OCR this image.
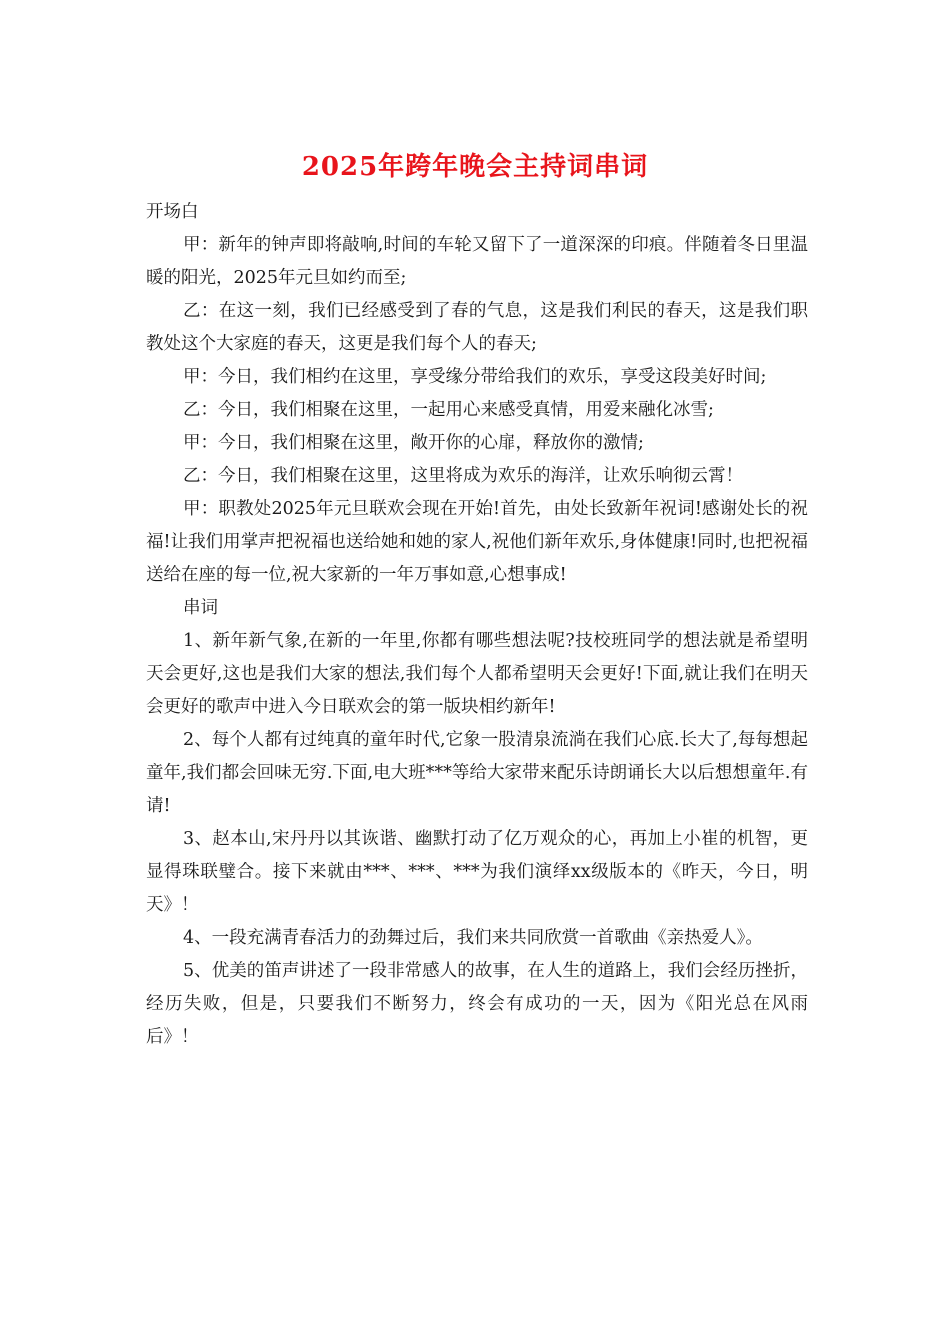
2025年跨年晚会主持词串词

开场白

甲：新年的钟声即将敲响,时间的车轮又留下了一道深深的印痕。伴随着冬日里温暖的阳光，2025年元旦如约而至;

乙：在这一刻，我们已经感受到了春的气息，这是我们利民的春天，这是我们职教处这个大家庭的春天，这更是我们每个人的春天;

甲：今日，我们相约在这里，享受缘分带给我们的欢乐，享受这段美好时间;

乙：今日，我们相聚在这里，一起用心来感受真情，用爱来融化冰雪;

甲：今日，我们相聚在这里，敞开你的心扉，释放你的激情;

乙：今日，我们相聚在这里，这里将成为欢乐的海洋，让欢乐响彻云霄！

甲：职教处2025年元旦联欢会现在开始!首先，由处长致新年祝词!感谢处长的祝福!让我们用掌声把祝福也送给她和她的家人,祝他们新年欢乐,身体健康!同时,也把祝福送给在座的每一位,祝大家新的一年万事如意,心想事成!

串词

1、新年新气象,在新的一年里,你都有哪些想法呢?技校班同学的想法就是希望明天会更好,这也是我们大家的想法,我们每个人都希望明天会更好!下面,就让我们在明天会更好的歌声中进入今日联欢会的第一版块相约新年!

2、每个人都有过纯真的童年时代,它象一股清泉流淌在我们心底.长大了,每每想起童年,我们都会回味无穷.下面,电大班***等给大家带来配乐诗朗诵长大以后想想童年.有请!

3、赵本山,宋丹丹以其诙谐、幽默打动了亿万观众的心，再加上小崔的机智，更显得珠联璧合。接下来就由***、***、***为我们演绎xx级版本的《昨天，今日，明天》！

4、一段充满青春活力的劲舞过后，我们来共同欣赏一首歌曲《亲热爱人》。

5、优美的笛声讲述了一段非常感人的故事，在人生的道路上，我们会经历挫折，经历失败，但是，只要我们不断努力，终会有成功的一天，因为《阳光总在风雨后》！
